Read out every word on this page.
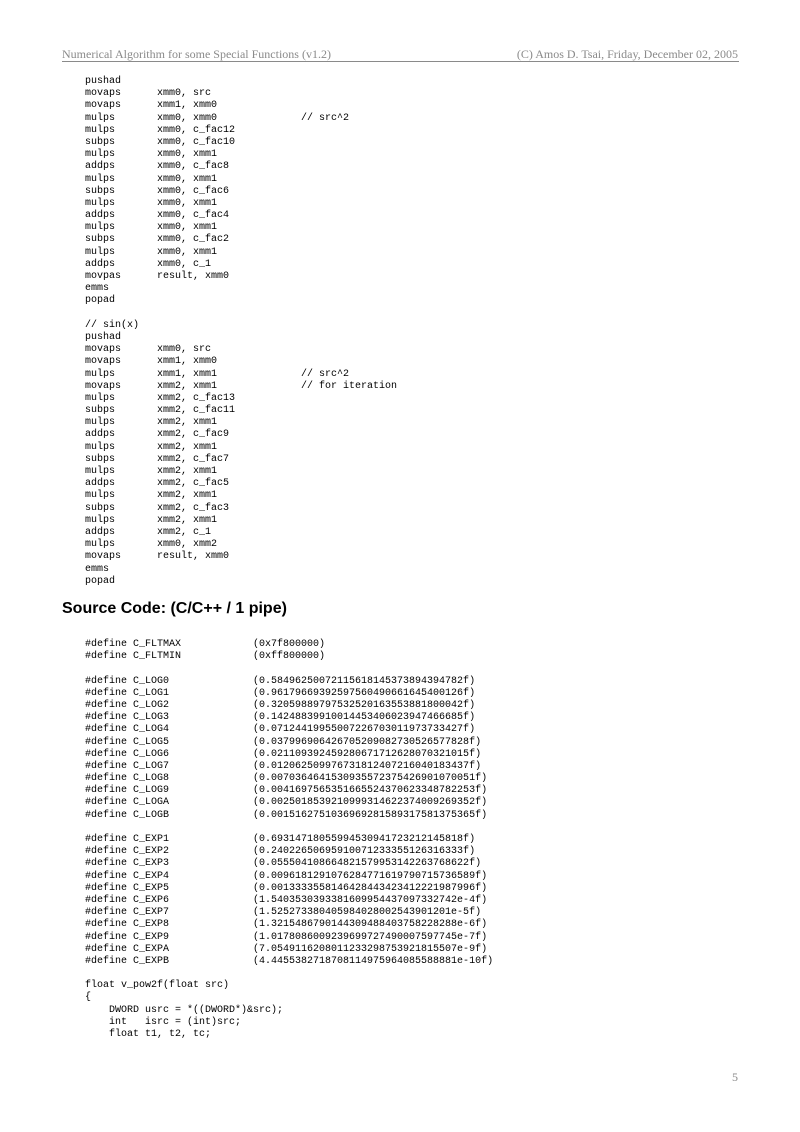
Numerical Algorithm for some Special Functions (v1.2)	(C) Amos D. Tsai, Friday, December 02, 2005
pushad
movaps      xmm0, src
movaps      xmm1, xmm0
mulps       xmm0, xmm0              // src^2
mulps       xmm0, c_fac12
subps       xmm0, c_fac10
mulps       xmm0, xmm1
addps       xmm0, c_fac8
mulps       xmm0, xmm1
subps       xmm0, c_fac6
mulps       xmm0, xmm1
addps       xmm0, c_fac4
mulps       xmm0, xmm1
subps       xmm0, c_fac2
mulps       xmm0, xmm1
addps       xmm0, c_1
movpas      result, xmm0
emms
popad
// sin(x)
pushad
movaps      xmm0, src
movaps      xmm1, xmm0
mulps       xmm1, xmm1              // src^2
movaps      xmm2, xmm1              // for iteration
mulps       xmm2, c_fac13
subps       xmm2, c_fac11
mulps       xmm2, xmm1
addps       xmm2, c_fac9
mulps       xmm2, xmm1
subps       xmm2, c_fac7
mulps       xmm2, xmm1
addps       xmm2, c_fac5
mulps       xmm2, xmm1
subps       xmm2, c_fac3
mulps       xmm2, xmm1
addps       xmm2, c_1
mulps       xmm0, xmm2
movaps      result, xmm0
emms
popad
Source Code: (C/C++ / 1 pipe)
#define C_FLTMAX            (0x7f800000)
#define C_FLTMIN            (0xff800000)
#define C_LOG0              (0.58496250072115618145373894394782f)
#define C_LOG1              (0.96179669392597560490661645400126f)
#define C_LOG2              (0.32059889797532520163553881800042f)
#define C_LOG3              (0.14248839910014453406023947466685f)
#define C_LOG4              (0.07124419955007226703011973733427f)
#define C_LOG5              (0.037996906426705209082730526577828f)
#define C_LOG6              (0.021109392459280671712628070321015f)
#define C_LOG7              (0.012062509976731812407216040183437f)
#define C_LOG8              (0.0070364641530935572375426901070051f)
#define C_LOG9              (0.0041697565351665524370623348782253f)
#define C_LOGA              (0.0025018539210999314622374009269352f)
#define C_LOGB              (0.0015162751036969281589317581375365f)
#define C_EXP1              (0.69314718055994530941723212145818f)
#define C_EXP2              (0.24022650695910071233355126316333f)
#define C_EXP3              (0.055504108664821579953142263768622f)
#define C_EXP4              (0.0096181291076284771619790715736589f)
#define C_EXP5              (0.0013333558146428443423412221987996f)
#define C_EXP6              (1.5403530393381609954437097332742e-4f)
#define C_EXP7              (1.525273380405984028002543901201e-5f)
#define C_EXP8              (1.3215486790144309488403758228288e-6f)
#define C_EXP9              (1.0178086009239699727490007597745e-7f)
#define C_EXPA              (7.0549116208011233298753921815507e-9f)
#define C_EXPB              (4.4455382718708114975964085588881e-10f)
float v_pow2f(float src)
{
DWORD usrc = *((DWORD*)&src);
int   isrc = (int)src;
float t1, t2, tc;
5
